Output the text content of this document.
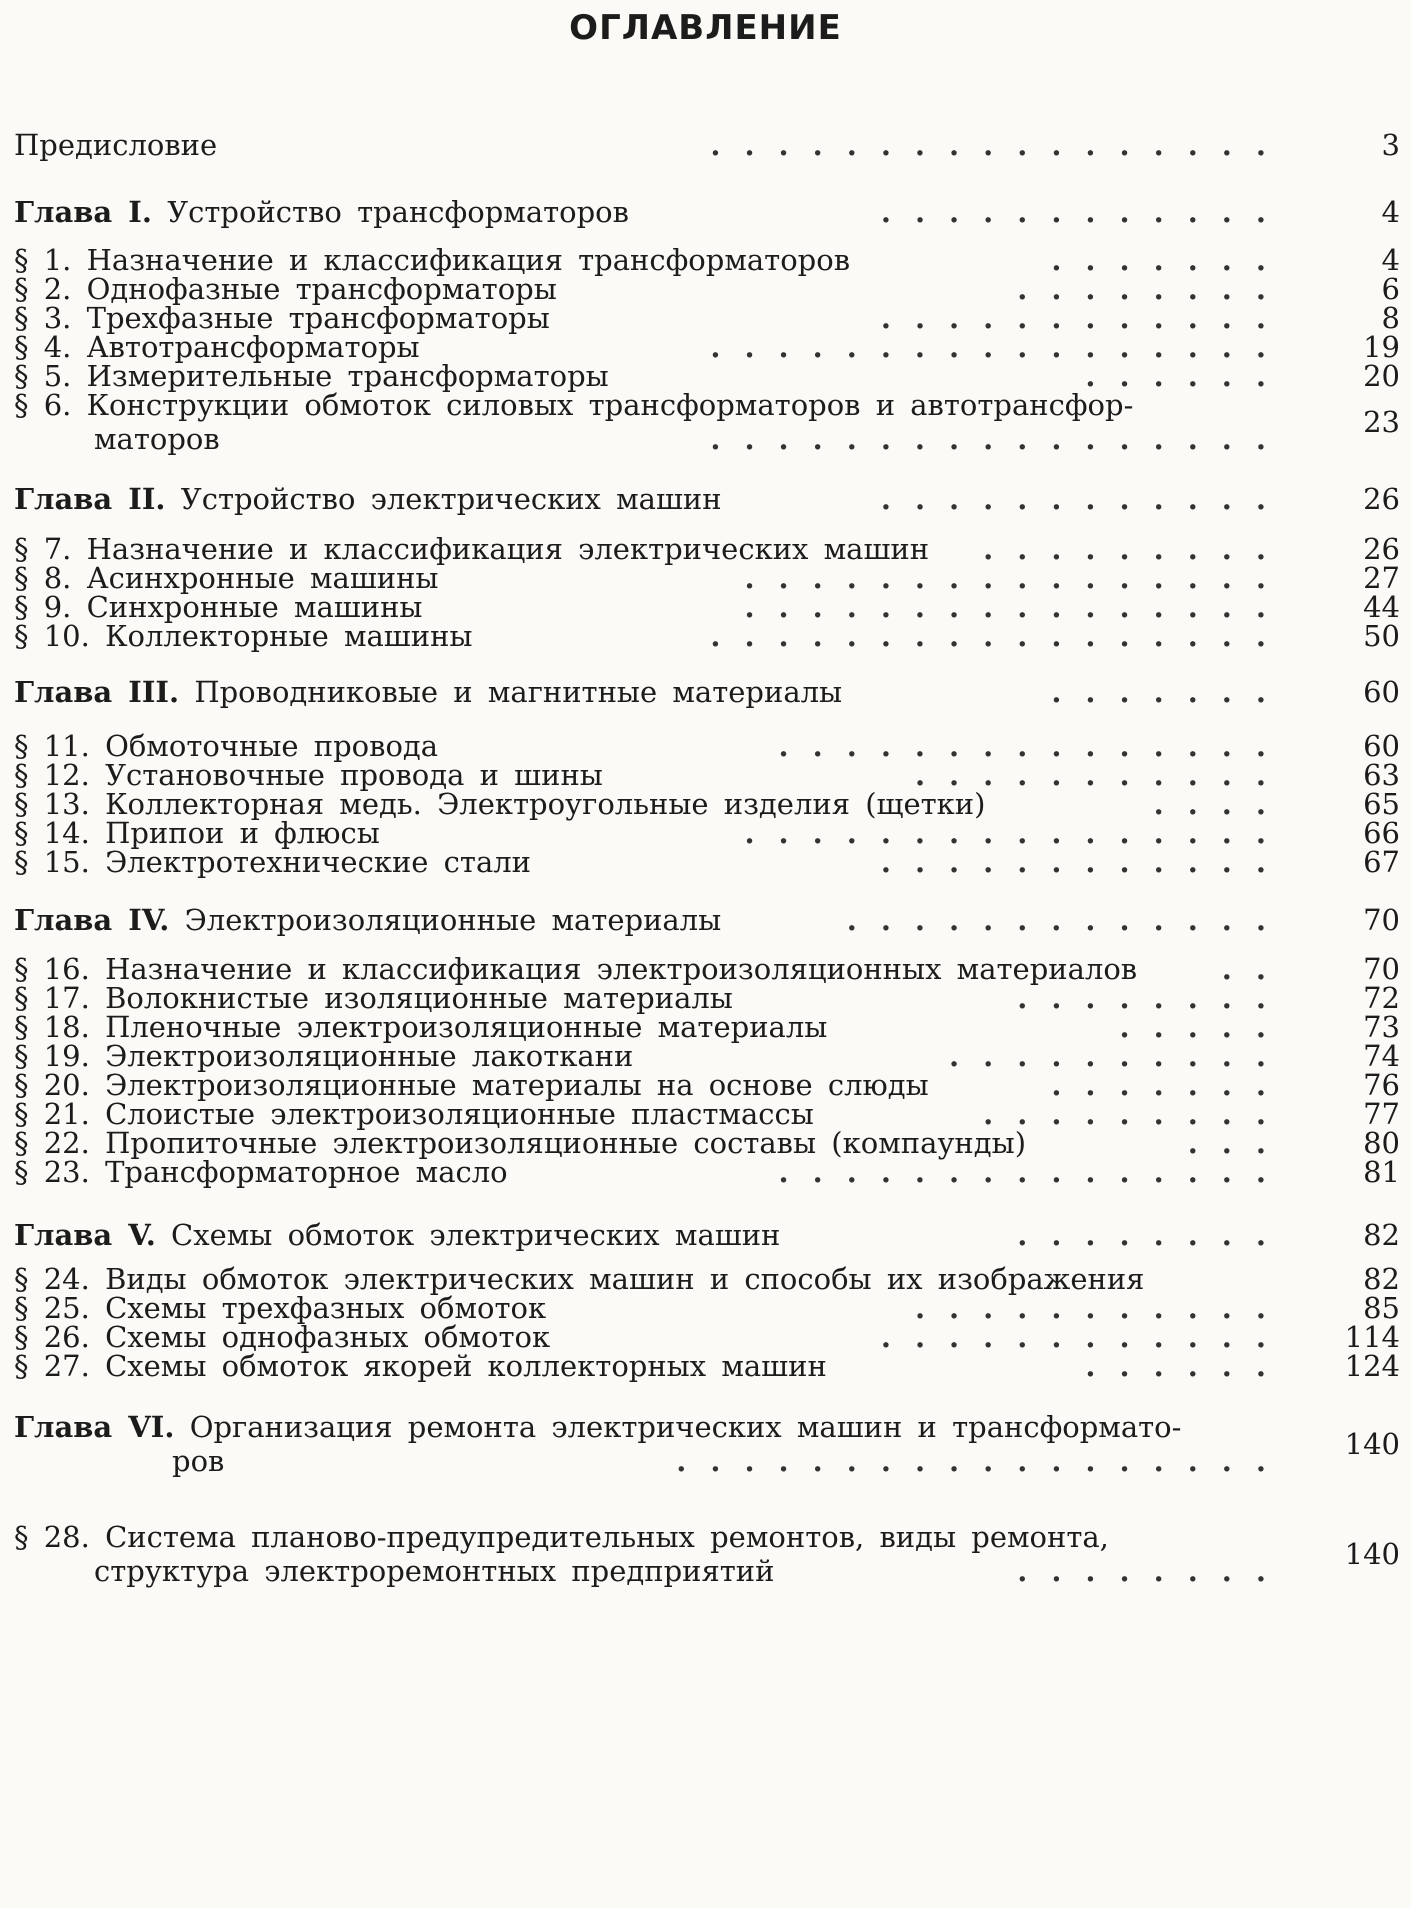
ОГЛАВЛЕНИЕ
Предисловие	.................	3
Глава I. Устройство трансформаторов	............	4
§ 1. Назначение и классификация трансформаторов	.......	4
§ 2. Однофазные трансформаторы	........	6
§ 3. Трехфазные трансформаторы	............	8
§ 4. Автотрансформаторы	.................	19
§ 5. Измерительные трансформаторы	......	20
§ 6. Конструкции обмоток силовых трансформаторов и автотрансфор-
маторов	.................	23
Глава II. Устройство электрических машин	............	26
§ 7. Назначение и классификация электрических машин .........	26
§ 8. Асинхронные машины	................	27
§ 9. Синхронные машины	................	44
§ 10. Коллекторные машины	.................	50
Глава III. Проводниковые и магнитные материалы	.......	60
§ 11. Обмоточные провода	...............	60
§ 12. Установочные провода и шины	...........	63
§ 13. Коллекторная медь. Электроугольные изделия (щетки)	....	65
§ 14. Припои и флюсы	................	66
§ 15. Электротехнические стали	............	67
Глава IV. Электроизоляционные материалы	.............	70
§ 16. Назначение и классификация электроизоляционных материалов	..	70
§ 17. Волокнистые изоляционные материалы	........	72
§ 18. Пленочные электроизоляционные материалы	.....	73
§ 19. Электроизоляционные лакоткани	..........	74
§ 20. Электроизоляционные материалы на основе слюды	.......	76
§ 21. Слоистые электроизоляционные пластмассы	.........	77
§ 22. Пропиточные электроизоляционные составы (компаунды)	...	80
§ 23. Трансформаторное масло	...............	81
Глава V. Схемы обмоток электрических машин	........	82
§ 24. Виды обмоток электрических машин и способы их изображения	82
§ 25. Схемы трехфазных обмоток	...........	85
§ 26. Схемы однофазных обмоток	............	114
§ 27. Схемы обмоток якорей коллекторных машин	......	124
Глава VI. Организация ремонта электрических машин и трансформато-
ров	..................	140
§ 28. Система планово-предупредительных ремонтов, виды ремонта,
структура электроремонтных предприятий	........	140
